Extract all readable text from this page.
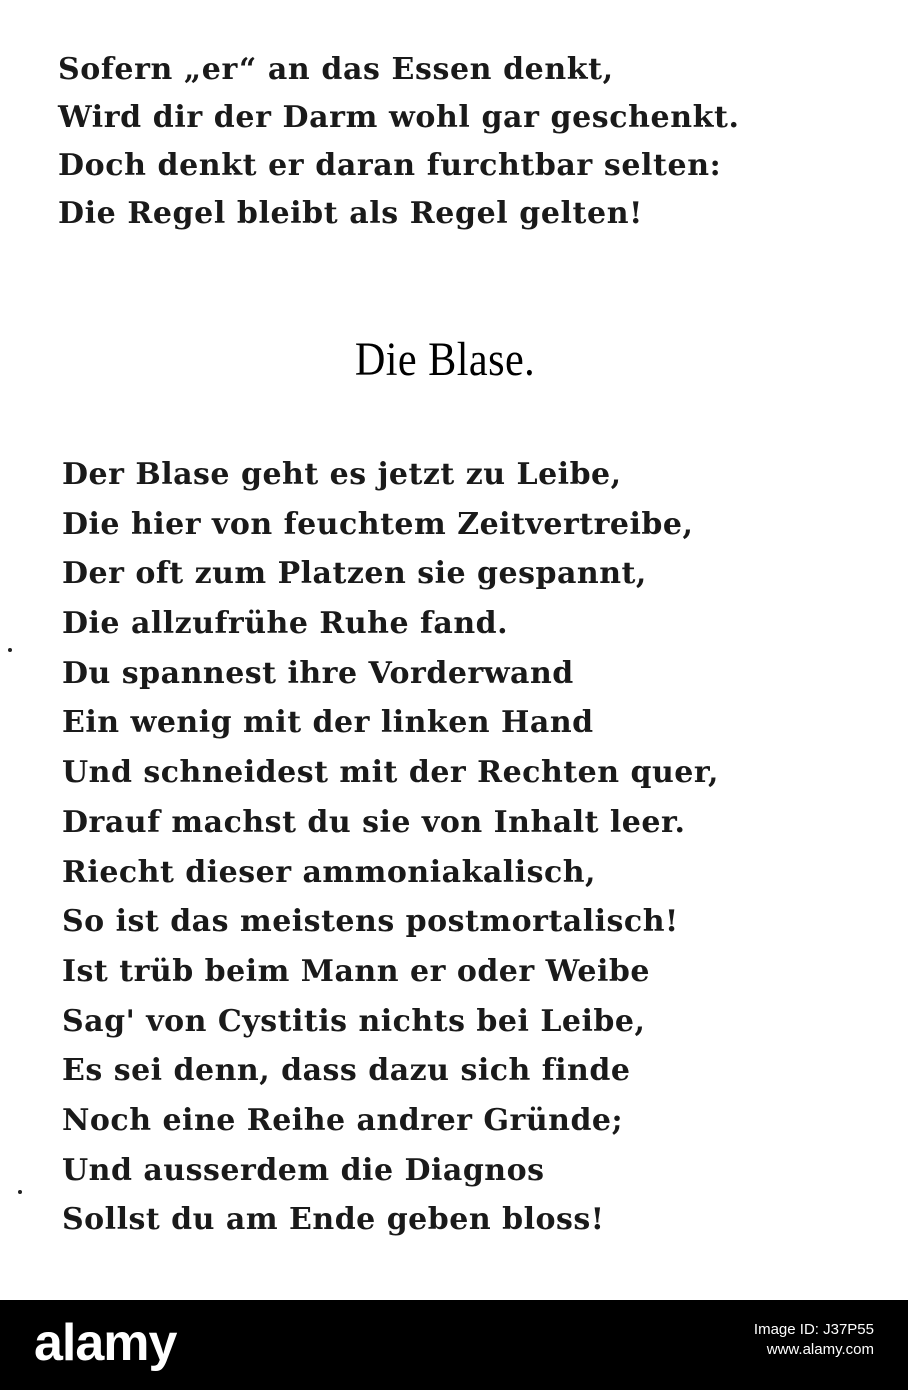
Sofern „er“ an das Essen denkt,
Wird dir der Darm wohl gar geschenkt.
Doch denkt er daran furchtbar selten:
Die Regel bleibt als Regel gelten!
Die Blase.
Der Blase geht es jetzt zu Leibe,
Die hier von feuchtem Zeitvertreibe,
Der oft zum Platzen sie gespannt,
Die allzufrühe Ruhe fand.
Du spannest ihre Vorderwand
Ein wenig mit der linken Hand
Und schneidest mit der Rechten quer,
Drauf machst du sie von Inhalt leer.
Riecht dieser ammoniakalisch,
So ist das meistens postmortalisch!
Ist trüb beim Mann er oder Weibe
Sag' von Cystitis nichts bei Leibe,
Es sei denn, dass dazu sich finde
Noch eine Reihe andrer Gründe;
Und ausserdem die Diagnos
Sollst du am Ende geben bloss!
alamy	Image ID: J37P55
www.alamy.com
